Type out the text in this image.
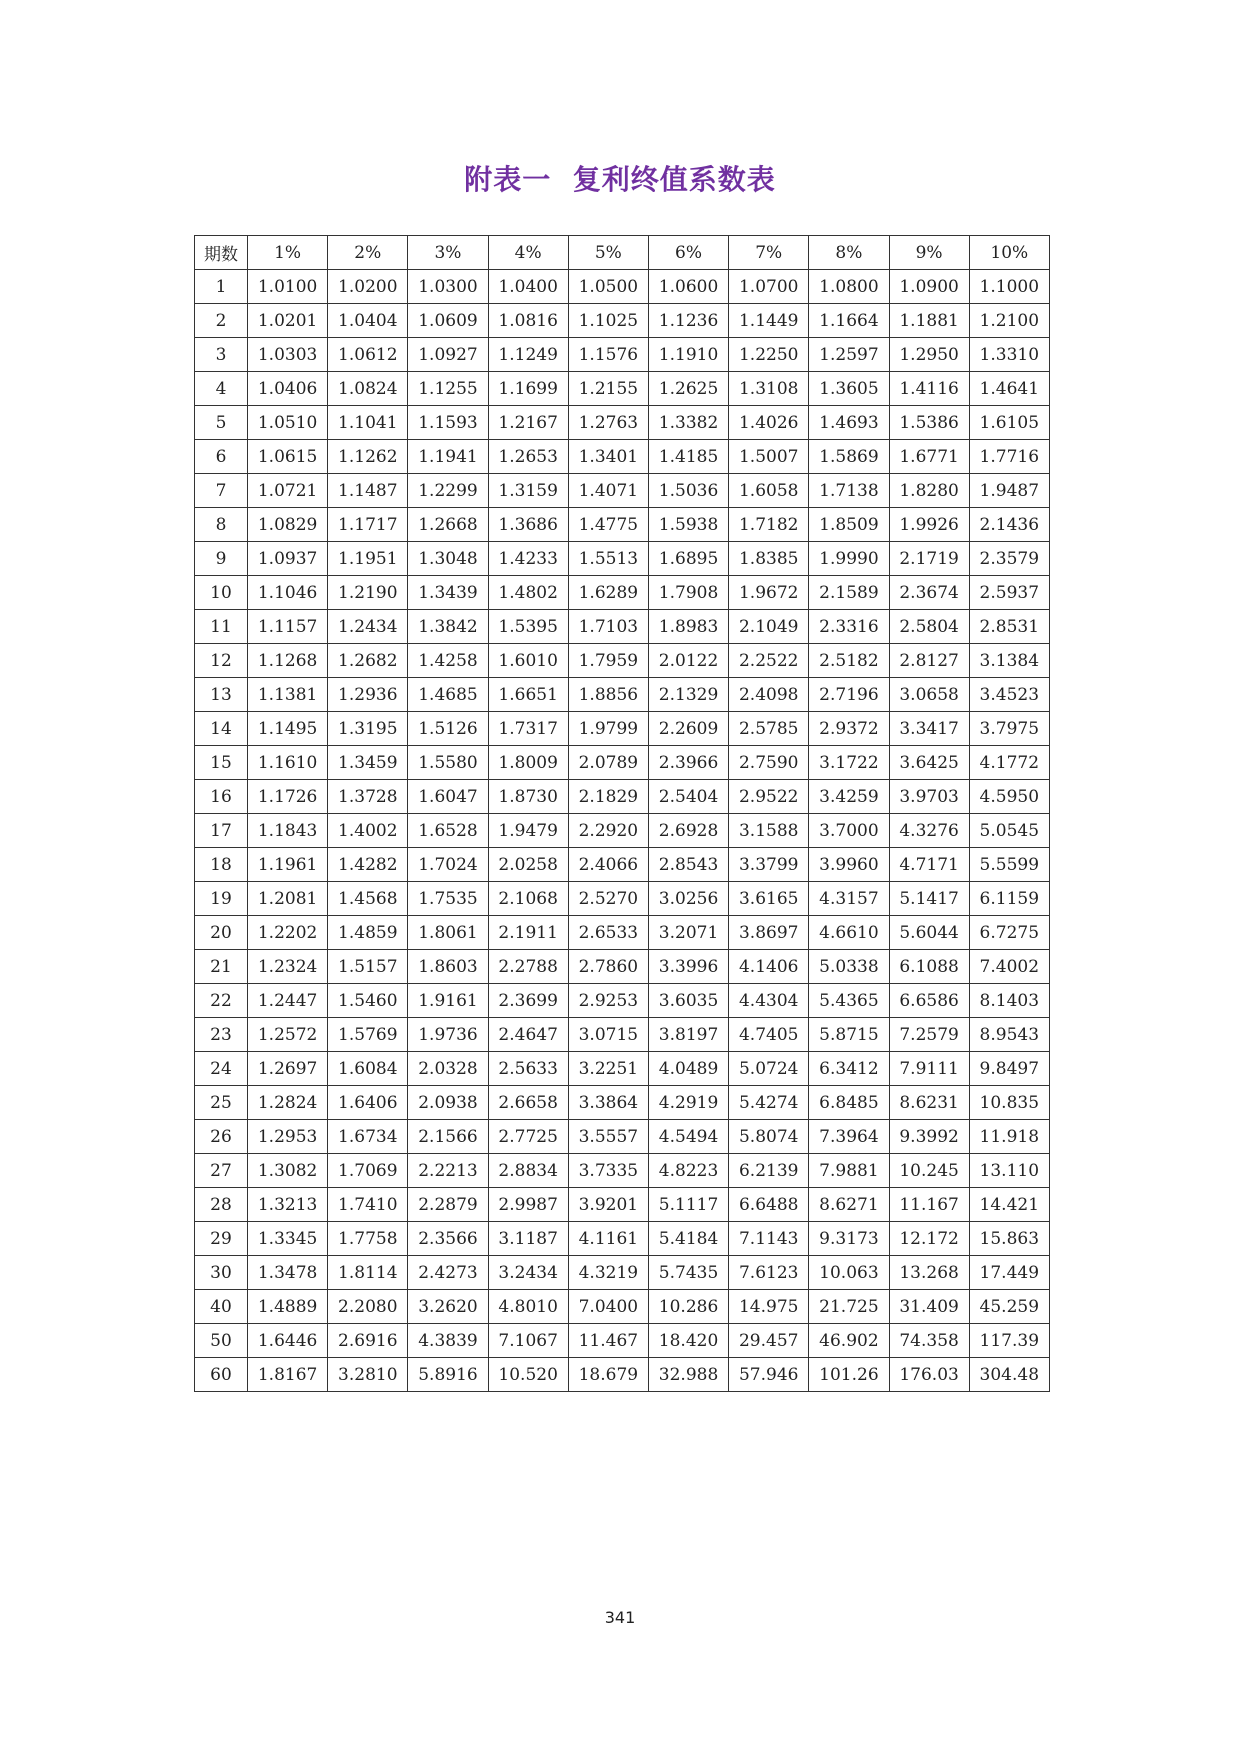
附表一  复利终值系数表
期数	1%	2%	3%	4%	5%	6%	7%	8%	9%	10%
1	1.0100	1.0200	1.0300	1.0400	1.0500	1.0600	1.0700	1.0800	1.0900	1.1000
2	1.0201	1.0404	1.0609	1.0816	1.1025	1.1236	1.1449	1.1664	1.1881	1.2100
3	1.0303	1.0612	1.0927	1.1249	1.1576	1.1910	1.2250	1.2597	1.2950	1.3310
4	1.0406	1.0824	1.1255	1.1699	1.2155	1.2625	1.3108	1.3605	1.4116	1.4641
5	1.0510	1.1041	1.1593	1.2167	1.2763	1.3382	1.4026	1.4693	1.5386	1.6105
6	1.0615	1.1262	1.1941	1.2653	1.3401	1.4185	1.5007	1.5869	1.6771	1.7716
7	1.0721	1.1487	1.2299	1.3159	1.4071	1.5036	1.6058	1.7138	1.8280	1.9487
8	1.0829	1.1717	1.2668	1.3686	1.4775	1.5938	1.7182	1.8509	1.9926	2.1436
9	1.0937	1.1951	1.3048	1.4233	1.5513	1.6895	1.8385	1.9990	2.1719	2.3579
10	1.1046	1.2190	1.3439	1.4802	1.6289	1.7908	1.9672	2.1589	2.3674	2.5937
11	1.1157	1.2434	1.3842	1.5395	1.7103	1.8983	2.1049	2.3316	2.5804	2.8531
12	1.1268	1.2682	1.4258	1.6010	1.7959	2.0122	2.2522	2.5182	2.8127	3.1384
13	1.1381	1.2936	1.4685	1.6651	1.8856	2.1329	2.4098	2.7196	3.0658	3.4523
14	1.1495	1.3195	1.5126	1.7317	1.9799	2.2609	2.5785	2.9372	3.3417	3.7975
15	1.1610	1.3459	1.5580	1.8009	2.0789	2.3966	2.7590	3.1722	3.6425	4.1772
16	1.1726	1.3728	1.6047	1.8730	2.1829	2.5404	2.9522	3.4259	3.9703	4.5950
17	1.1843	1.4002	1.6528	1.9479	2.2920	2.6928	3.1588	3.7000	4.3276	5.0545
18	1.1961	1.4282	1.7024	2.0258	2.4066	2.8543	3.3799	3.9960	4.7171	5.5599
19	1.2081	1.4568	1.7535	2.1068	2.5270	3.0256	3.6165	4.3157	5.1417	6.1159
20	1.2202	1.4859	1.8061	2.1911	2.6533	3.2071	3.8697	4.6610	5.6044	6.7275
21	1.2324	1.5157	1.8603	2.2788	2.7860	3.3996	4.1406	5.0338	6.1088	7.4002
22	1.2447	1.5460	1.9161	2.3699	2.9253	3.6035	4.4304	5.4365	6.6586	8.1403
23	1.2572	1.5769	1.9736	2.4647	3.0715	3.8197	4.7405	5.8715	7.2579	8.9543
24	1.2697	1.6084	2.0328	2.5633	3.2251	4.0489	5.0724	6.3412	7.9111	9.8497
25	1.2824	1.6406	2.0938	2.6658	3.3864	4.2919	5.4274	6.8485	8.6231	10.835
26	1.2953	1.6734	2.1566	2.7725	3.5557	4.5494	5.8074	7.3964	9.3992	11.918
27	1.3082	1.7069	2.2213	2.8834	3.7335	4.8223	6.2139	7.9881	10.245	13.110
28	1.3213	1.7410	2.2879	2.9987	3.9201	5.1117	6.6488	8.6271	11.167	14.421
29	1.3345	1.7758	2.3566	3.1187	4.1161	5.4184	7.1143	9.3173	12.172	15.863
30	1.3478	1.8114	2.4273	3.2434	4.3219	5.7435	7.6123	10.063	13.268	17.449
40	1.4889	2.2080	3.2620	4.8010	7.0400	10.286	14.975	21.725	31.409	45.259
50	1.6446	2.6916	4.3839	7.1067	11.467	18.420	29.457	46.902	74.358	117.39
60	1.8167	3.2810	5.8916	10.520	18.679	32.988	57.946	101.26	176.03	304.48
341
